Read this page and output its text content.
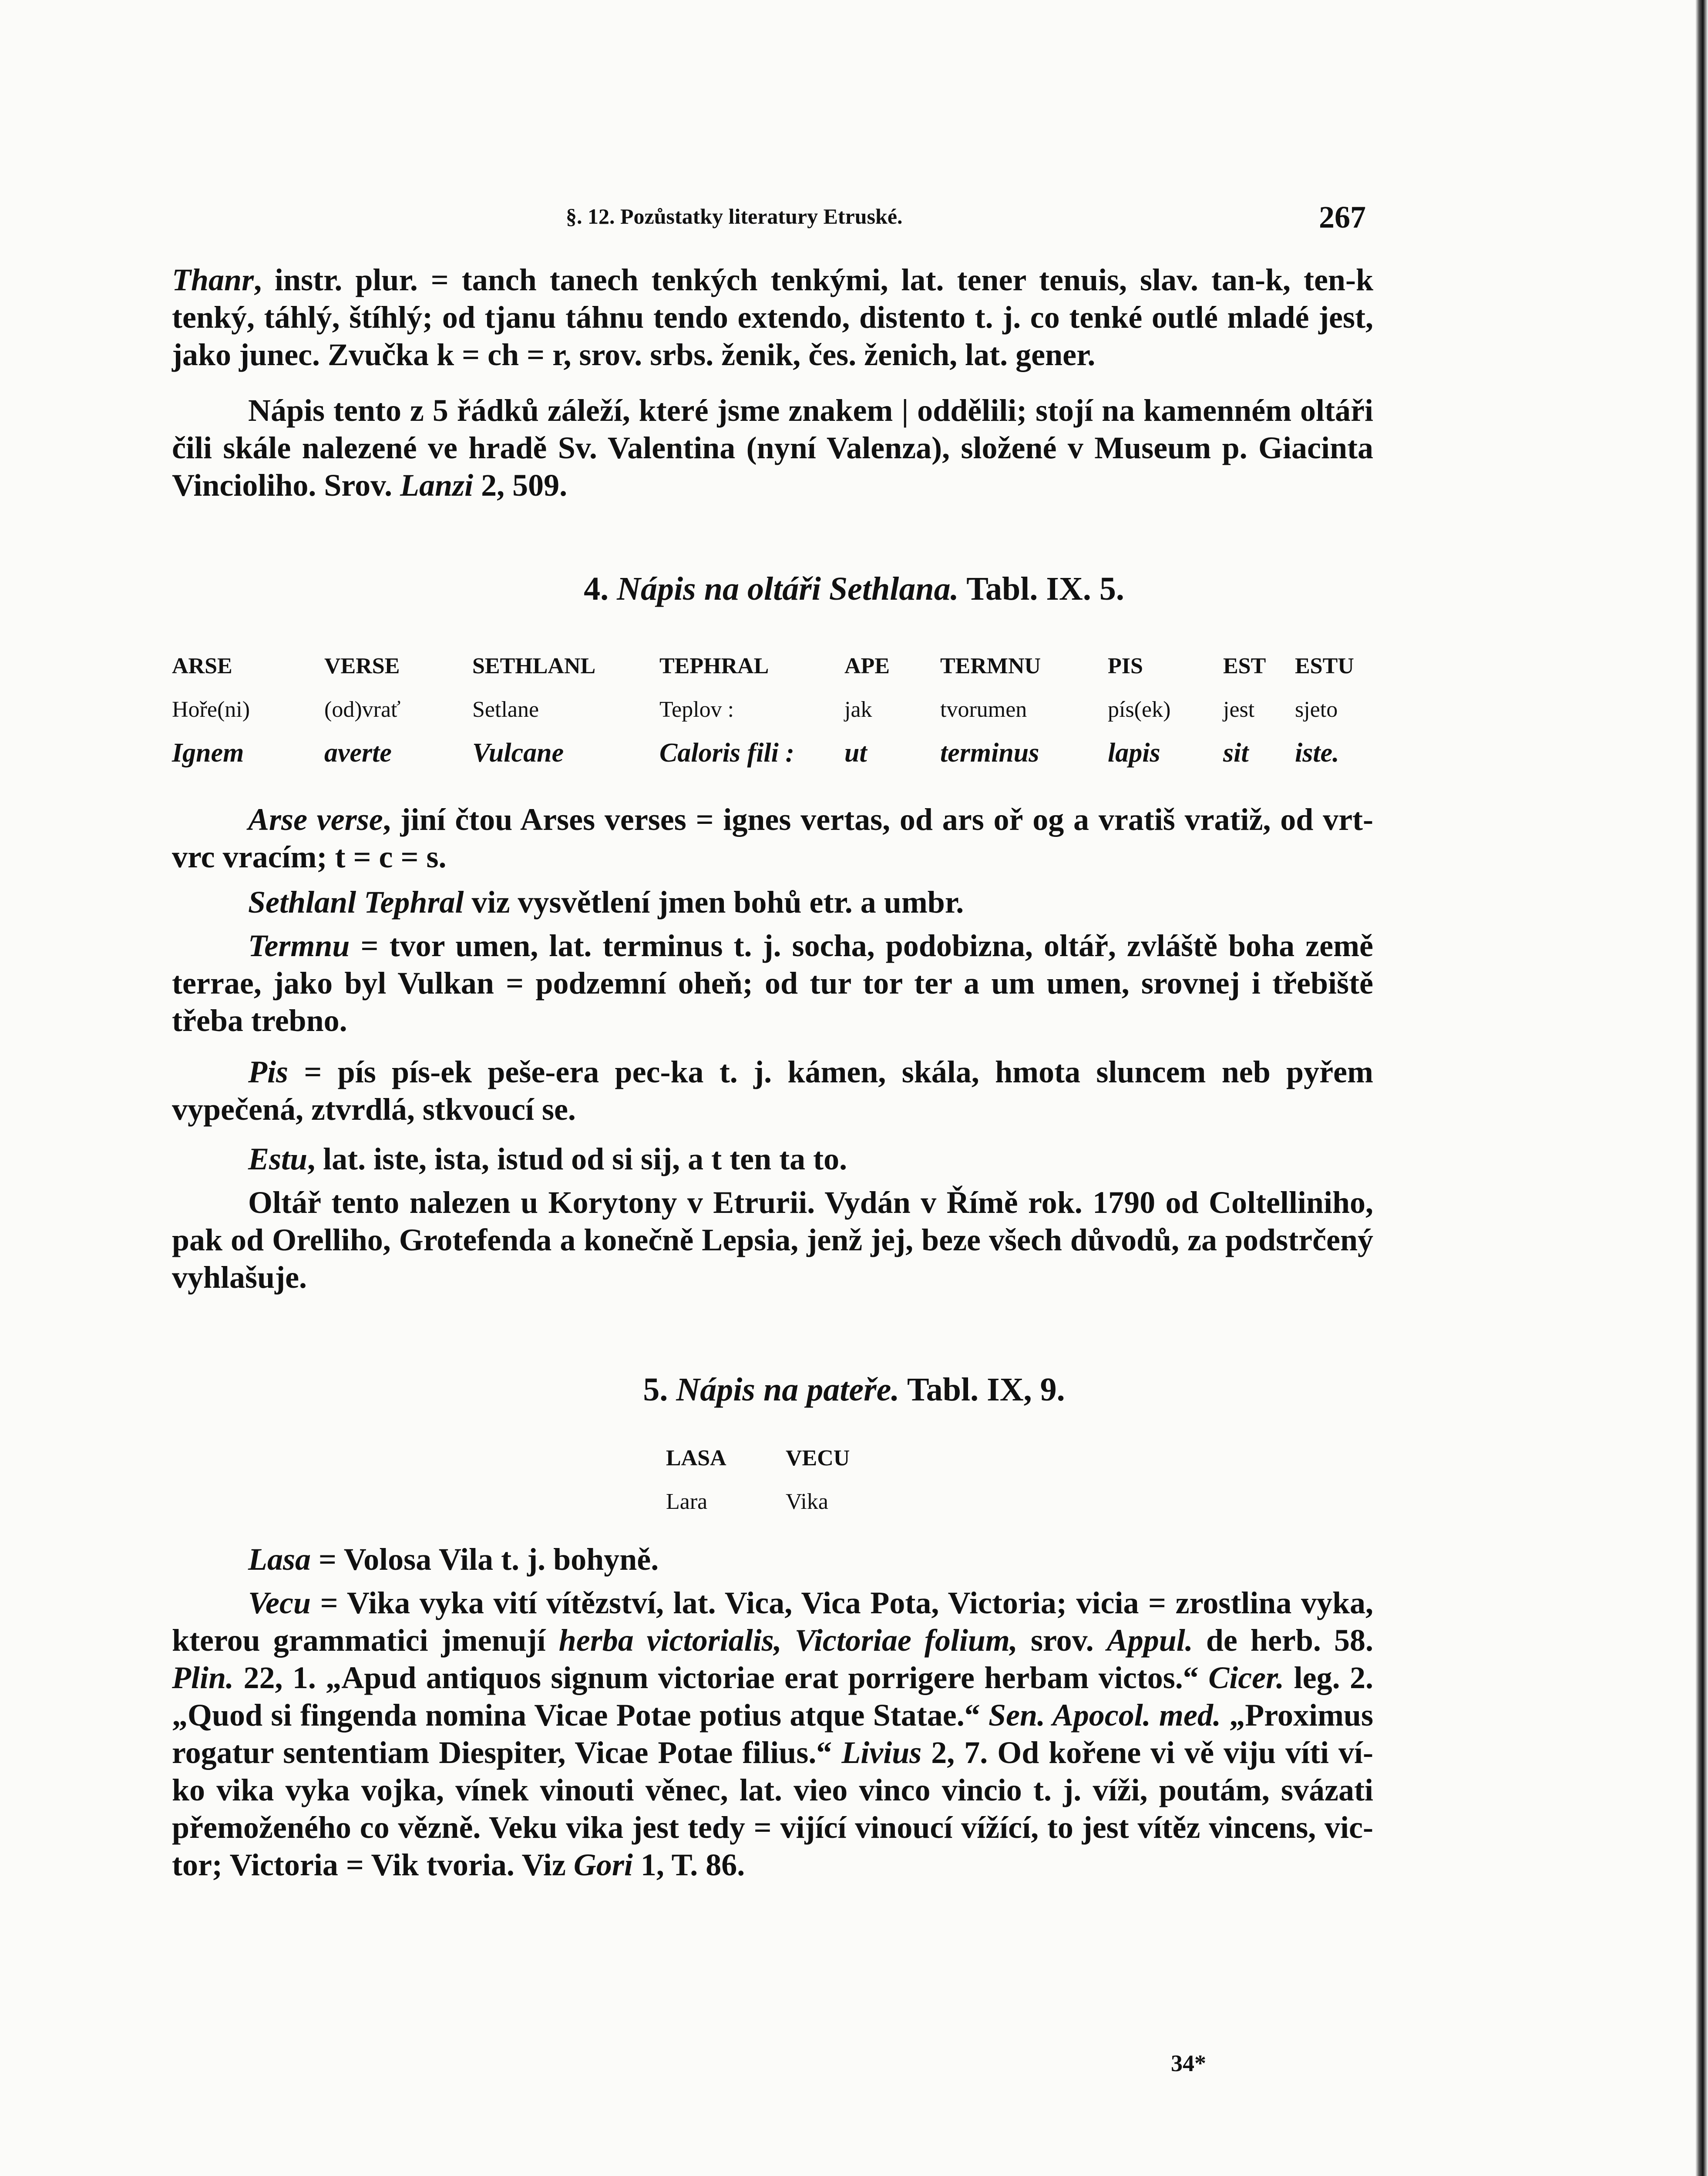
§. 12. Pozůstatky literatury Etruské.	267

Thanr, instr. plur. = tanch tanech tenkých tenkými, lat. tener tenuis, slav. tan-k, ten-k tenký, táhlý, štíhlý; od tjanu táhnu tendo extendo, distento t. j. co tenké outlé mladé jest, jako junec. Zvučka k = ch = r, srov. srbs. ženik, čes. ženich, lat. gener.

Nápis tento z 5 řádků záleží, které jsme znakem | oddělili; stojí na kamenném oltáři čili skále nalezené ve hradě Sv. Valentina (nyní Valenza), složené v Museum p. Giacinta Vincioliho. Srov. Lanzi 2, 509.

4. Nápis na oltáři Sethlana. Tabl. IX. 5.

ARSE	VERSE	SETHLANL	TEPHRAL	APE	TERMNU	PIS	EST	ESTU
Hoře(ni)	(od)vrať	Setlane	Teplov :	jak	tvorumen	pís(ek)	jest	sjeto
Ignem	averte	Vulcane	Caloris fili :	ut	terminus	lapis	sit	iste.

Arse verse, jiní čtou Arses verses = ignes vertas, od ars oř og a vratiš vratiž, od vrt-vrc vracím; t = c = s.

Sethlanl Tephral viz vysvětlení jmen bohů etr. a umbr.

Termnu = tvor umen, lat. terminus t. j. socha, podobizna, oltář, zvláště boha země terrae, jako byl Vulkan = podzemní oheň; od tur tor ter a um umen, srovnej i třebiště třeba trebno.

Pis = pís pís-ek peše-era pec-ka t. j. kámen, skála, hmota sluncem neb pyřem vypečená, ztvrdlá, stkvoucí se.

Estu, lat. iste, ista, istud od si sij, a t ten ta to.

Oltář tento nalezen u Korytony v Etrurii. Vydán v Římě rok. 1790 od Coltelliniho, pak od Orelliho, Grotefenda a konečně Lepsia, jenž jej, beze všech důvodů, za podstrčený vyhlašuje.

5. Nápis na pateře. Tabl. IX, 9.

LASA	VECU
Lara	Vika

Lasa = Volosa Vila t. j. bohyně.

Vecu = Vika vyka vití vítězství, lat. Vica, Vica Pota, Victoria; vicia = zrostlina vyka, kterou grammatici jmenují herba victorialis, Victoriae folium, srov. Appul. de herb. 58. Plin. 22, 1. „Apud antiquos signum victoriae erat porrigere herbam victos.“ Cicer. leg. 2. „Quod si fingenda nomina Vicae Potae potius atque Statae.“ Sen. Apocol. med. „Proximus rogatur sententiam Diespiter, Vicae Potae filius.“ Livius 2, 7. Od kořene vi vě viju víti ví-ko vika vyka vojka, vínek vinouti věnec, lat. vieo vinco vincio t. j. víži, poutám, svázati přemoženého co vězně. Veku vika jest tedy = vijící vinoucí vížící, to jest vítěz vincens, vic-tor; Victoria = Vik tvoria. Viz Gori 1, T. 86.

34*
